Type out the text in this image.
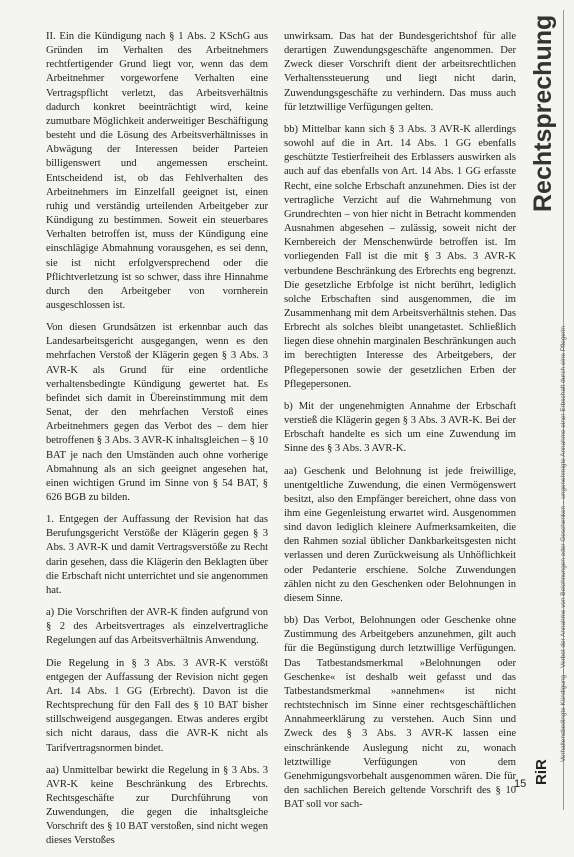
II. Ein die Kündigung nach § 1 Abs. 2 KSchG aus Gründen im Verhalten des Arbeitnehmers rechtfertigender Grund liegt vor, wenn das dem Arbeitnehmer vorgeworfene Verhalten eine Vertragspflicht verletzt, das Arbeitsverhältnis dadurch konkret beeinträchtigt wird, keine zumutbare Möglichkeit anderweitiger Beschäftigung besteht und die Lösung des Arbeitsverhältnisses in Abwägung der Interessen beider Parteien billigenswert und angemessen erscheint. Entscheidend ist, ob das Fehlverhalten des Arbeitnehmers im Einzelfall geeignet ist, einen ruhig und verständig urteilenden Arbeitgeber zur Kündigung zu bestimmen. Soweit ein steuerbares Verhalten betroffen ist, muss der Kündigung eine einschlägige Abmahnung vorausgehen, es sei denn, sie ist nicht erfolgversprechend oder die Pflichtverletzung ist so schwer, dass ihre Hinnahme durch den Arbeitgeber von vornherein ausgeschlossen ist.

Von diesen Grundsätzen ist erkennbar auch das Landesarbeitsgericht ausgegangen, wenn es den mehrfachen Verstoß der Klägerin gegen § 3 Abs. 3 AVR-K als Grund für eine ordentliche verhaltensbedingte Kündigung gewertet hat. Es befindet sich damit in Übereinstimmung mit dem Senat, der den mehrfachen Verstoß eines Arbeitnehmers gegen das Verbot des – dem hier betroffenen § 3 Abs. 3 AVR-K inhaltsgleichen – § 10 BAT je nach den Umständen auch ohne vorherige Abmahnung als an sich geeignet angesehen hat, einen wichtigen Grund im Sinne von § 54 BAT, § 626 BGB zu bilden.

1. Entgegen der Auffassung der Revision hat das Berufungsgericht Verstöße der Klägerin gegen § 3 Abs. 3 AVR-K und damit Vertragsverstöße zu Recht darin gesehen, dass die Klägerin den Beklagten über die Erbschaft nicht unterrichtet und sie angenommen hat.

a) Die Vorschriften der AVR-K finden aufgrund von § 2 des Arbeitsvertrages als einzelvertragliche Regelungen auf das Arbeitsverhältnis Anwendung.

Die Regelung in § 3 Abs. 3 AVR-K verstößt entgegen der Auffassung der Revision nicht gegen Art. 14 Abs. 1 GG (Erbrecht). Davon ist die Rechtsprechung für den Fall des § 10 BAT bisher stillschweigend ausgegangen. Etwas anderes ergibt sich nicht daraus, dass die AVR-K nicht als Tarifvertragsnormen bindet.

aa) Unmittelbar bewirkt die Regelung in § 3 Abs. 3 AVR-K keine Beschränkung des Erbrechts. Rechtsgeschäfte zur Durchführung von Zuwendungen, die gegen die inhaltsgleiche Vorschrift des § 10 BAT verstoßen, sind nicht wegen dieses Verstoßes

unwirksam. Das hat der Bundesgerichtshof für alle derartigen Zuwendungsgeschäfte angenommen. Der Zweck dieser Vorschrift dient der arbeitsrechtlichen Verhaltenssteuerung und liegt nicht darin, Zuwendungsgeschäfte zu verhindern. Das muss auch für letztwillige Verfügungen gelten.

bb) Mittelbar kann sich § 3 Abs. 3 AVR-K allerdings sowohl auf die in Art. 14 Abs. 1 GG ebenfalls geschützte Testierfreiheit des Erblassers auswirken als auch auf das ebenfalls von Art. 14 Abs. 1 GG erfasste Recht, eine solche Erbschaft anzunehmen. Dies ist der vertragliche Verzicht auf die Wahrnehmung von Grundrechten – von hier nicht in Betracht kommenden Ausnahmen abgesehen – zulässig, soweit nicht der Kernbereich der Menschenwürde betroffen ist. Im vorliegenden Fall ist die mit § 3 Abs. 3 AVR-K verbundene Beschränkung des Erbrechts eng begrenzt. Die gesetzliche Erbfolge ist nicht berührt, lediglich solche Erbschaften sind ausgenommen, die im Zusammenhang mit dem Arbeitsverhältnis stehen. Das Erbrecht als solches bleibt unangetastet. Schließlich liegen diese ohnehin marginalen Beschränkungen auch im berechtigten Interesse des Arbeitgebers, der Pflegepersonen sowie der gesetzlichen Erben der Pflegepersonen.

b) Mit der ungenehmigten Annahme der Erbschaft verstieß die Klägerin gegen § 3 Abs. 3 AVR-K. Bei der Erbschaft handelte es sich um eine Zuwendung im Sinne des § 3 Abs. 3 AVR-K.

aa) Geschenk und Belohnung ist jede freiwillige, unentgeltliche Zuwendung, die einen Vermögenswert besitzt, also den Empfänger bereichert, ohne dass von ihm eine Gegenleistung erwartet wird. Ausgenommen sind davon lediglich kleinere Aufmerksamkeiten, die den Rahmen sozial üblicher Dankbarkeitsgesten nicht verlassen und deren Zurückweisung als Unhöflichkeit oder Pedanterie erschiene. Solche Zuwendungen zählen nicht zu den Geschenken oder Belohnungen in diesem Sinne.

bb) Das Verbot, Belohnungen oder Geschenke ohne Zustimmung des Arbeitgebers anzunehmen, gilt auch für die Begünstigung durch letztwillige Verfügungen. Das Tatbestandsmerkmal »Belohnungen oder Geschenke« ist deshalb weit gefasst und das Tatbestandsmerkmal »annehmen« ist nicht rechtstechnisch im Sinne einer rechtsgeschäftlichen Annahmeerklärung zu verstehen. Auch Sinn und Zweck des § 3 Abs. 3 AVR-K lassen eine einschränkende Auslegung nicht zu, wonach letztwillige Verfügungen von dem Genehmigungsvorbehalt ausgenommen wären. Die für den sachlichen Bereich geltende Vorschrift des § 10 BAT soll vor sach-

Rechtsprechung
Verhaltensbedingte Kündigung – Verbot der Annahme von Belohnungen oder Geschenken – ungenehmigte Annahme einer Erbschaft durch eine Pflegerin
RiR
15
